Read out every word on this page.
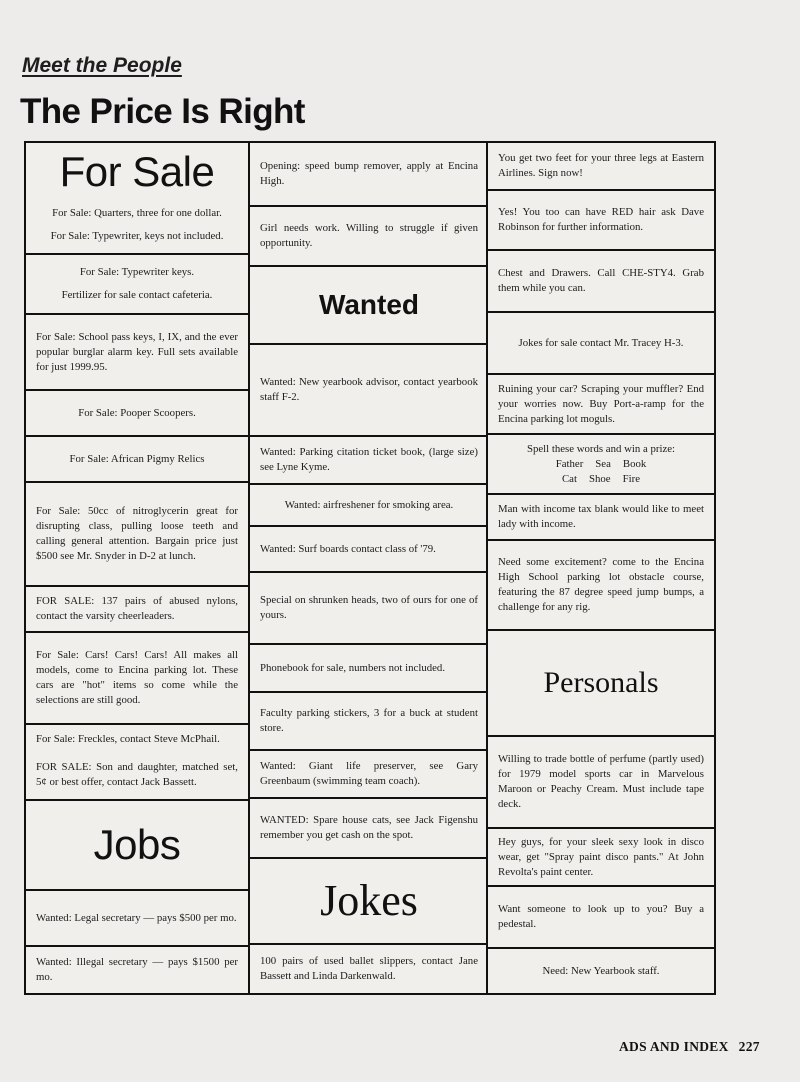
Meet the People
The Price Is Right
For Sale

For Sale: Quarters, three for one dollar.

For Sale: Typewriter, keys not included.

For Sale: Typewriter keys.

Fertilizer for sale contact cafeteria.

For Sale: School pass keys, I, IX, and the ever popular burglar alarm key. Full sets available for just 1999.95.

For Sale: Pooper Scoopers.

For Sale: African Pigmy Relics

For Sale: 50cc of nitroglycerin great for disrupting class, pulling loose teeth and calling general attention. Bargain price just $500 see Mr. Snyder in D-2 at lunch.

FOR SALE: 137 pairs of abused nylons, contact the varsity cheerleaders.

For Sale: Cars! Cars! Cars! All makes all models, come to Encina parking lot. These cars are "hot" items so come while the selections are still good.

For Sale: Freckles, contact Steve McPhail.

FOR SALE: Son and daughter, matched set, 5¢ or best offer, contact Jack Bassett.

Jobs

Wanted: Legal secretary — pays $500 per mo.

Wanted: Illegal secretary — pays $1500 per mo.

Opening: speed bump remover, apply at Encina High.

Girl needs work. Willing to struggle if given opportunity.

Wanted

Wanted: New yearbook advisor, contact yearbook staff F-2.

Wanted: Parking citation ticket book, (large size) see Lyne Kyme.

Wanted: airfreshener for smoking area.

Wanted: Surf boards contact class of '79.

Special on shrunken heads, two of ours for one of yours.

Phonebook for sale, numbers not included.

Faculty parking stickers, 3 for a buck at student store.

Wanted: Giant life preserver, see Gary Greenbaum (swimming team coach).

WANTED: Spare house cats, see Jack Figenshu remember you get cash on the spot.

Jokes

100 pairs of used ballet slippers, contact Jane Bassett and Linda Darkenwald.

You get two feet for your three legs at Eastern Airlines. Sign now!

Yes! You too can have RED hair ask Dave Robinson for further information.

Chest and Drawers. Call CHE-STY4. Grab them while you can.

Jokes for sale contact Mr. Tracey H-3.

Ruining your car? Scraping your muffler? End your worries now. Buy Port-a-ramp for the Encina parking lot moguls.

Spell these words and win a prize:

Father Sea Book
Cat Shoe Fire

Man with income tax blank would like to meet lady with income.

Need some excitement? come to the Encina High School parking lot obstacle course, featuring the 87 degree speed jump bumps, a challenge for any rig.

Personals

Willing to trade bottle of perfume (partly used) for 1979 model sports car in Marvelous Maroon or Peachy Cream. Must include tape deck.

Hey guys, for your sleek sexy look in disco wear, get "Spray paint disco pants." At John Revolta's paint center.

Want someone to look up to you? Buy a pedestal.

Need: New Yearbook staff.

ADS AND INDEX 227
